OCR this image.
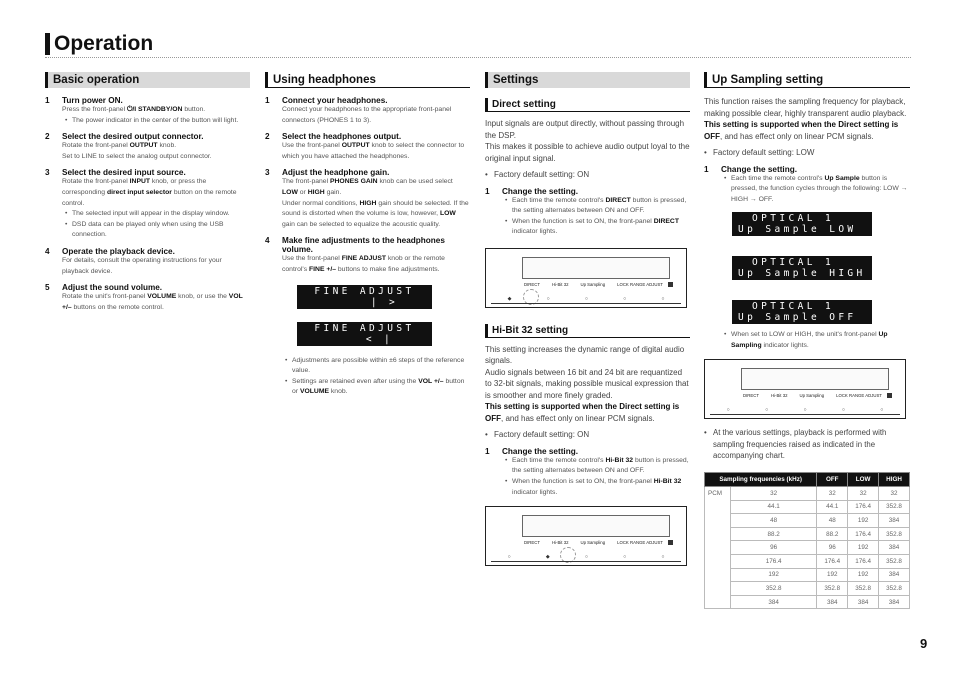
Operation
Basic operation
1	Turn power ON.
Press the front-panel ⏻/I STANDBY/ON button.
• The power indicator in the center of the button will light.
2	Select the desired output connector.
Rotate the front-panel OUTPUT knob.
Set to LINE to select the analog output connector.
3	Select the desired input source.
Rotate the front-panel INPUT knob, or press the corresponding direct input selector button on the remote control.
• The selected input will appear in the display window.
• DSD data can be played only when using the USB connection.
4	Operate the playback device.
For details, consult the operating instructions for your playback device.
5	Adjust the sound volume.
Rotate the unit's front-panel VOLUME knob, or use the VOL +/– buttons on the remote control.
Using headphones
1	Connect your headphones.
Connect your headphones to the appropriate front-panel connectors (PHONES 1 to 3).
2	Select the headphones output.
Use the front-panel OUTPUT knob to select the connector to which you have attached the headphones.
3	Adjust the headphone gain.
The front-panel PHONES GAIN knob can be used select LOW or HIGH gain.
Under normal conditions, HIGH gain should be selected. If the sound is distorted when the volume is low, however, LOW gain can be selected to equalize the acoustic quality.
4	Make fine adjustments to the headphones volume.
Use the front-panel FINE ADJUST knob or the remote control's FINE +/– buttons to make fine adjustments.
FINE ADJUST
| >
FINE ADJUST
< |
• Adjustments are possible within ±6 steps of the reference value.
• Settings are retained even after using the VOL +/– button or VOLUME knob.
Settings
Direct setting
Input signals are output directly, without passing through the DSP.
This makes it possible to achieve audio output loyal to the original input signal.
• Factory default setting: ON
1	Change the setting.
• Each time the remote control's DIRECT button is pressed, the setting alternates between ON and OFF.
• When the function is set to ON, the front-panel DIRECT indicator lights.
DIRECT	Hi-Bit 32	Up Sampling	LOCK RANGE ADJUST
◆	○	○	○	○
Hi-Bit 32 setting
This setting increases the dynamic range of digital audio signals.
Audio signals between 16 bit and 24 bit are requantized to 32-bit signals, making possible musical expression that is smoother and more finely graded.
This setting is supported when the Direct setting is OFF, and has effect only on linear PCM signals.
• Factory default setting: ON
1	Change the setting.
• Each time the remote control's Hi-Bit 32 button is pressed, the setting alternates between ON and OFF.
• When the function is set to ON, the front-panel Hi-Bit 32 indicator lights.
DIRECT	Hi-Bit 32	Up Sampling	LOCK RANGE ADJUST
○	◆	○	○	○
Up Sampling setting
This function raises the sampling frequency for playback, making possible clear, highly transparent audio playback.
This setting is supported when the Direct setting is OFF, and has effect only on linear PCM signals.
• Factory default setting: LOW
1	Change the setting.
• Each time the remote control's Up Sample button is pressed, the function cycles through the following: LOW → HIGH → OFF.
OPTICAL 1
Up Sample LOW
OPTICAL 1
Up Sample HIGH
OPTICAL 1
Up Sample OFF
• When set to LOW or HIGH, the unit's front-panel Up Sampling indicator lights.
DIRECT	Hi-Bit 32	Up Sampling	LOCK RANGE ADJUST
○	○	○	○	○
• At the various settings, playback is performed with sampling frequencies raised as indicated in the accompanying chart.
Sampling frequencies (kHz)		OFF	LOW	HIGH
PCM	32	32	32	32
	44.1	44.1	176.4	352.8
	48	48	192	384
	88.2	88.2	176.4	352.8
	96	96	192	384
	176.4	176.4	176.4	352.8
	192	192	192	384
	352.8	352.8	352.8	352.8
	384	384	384	384
9
